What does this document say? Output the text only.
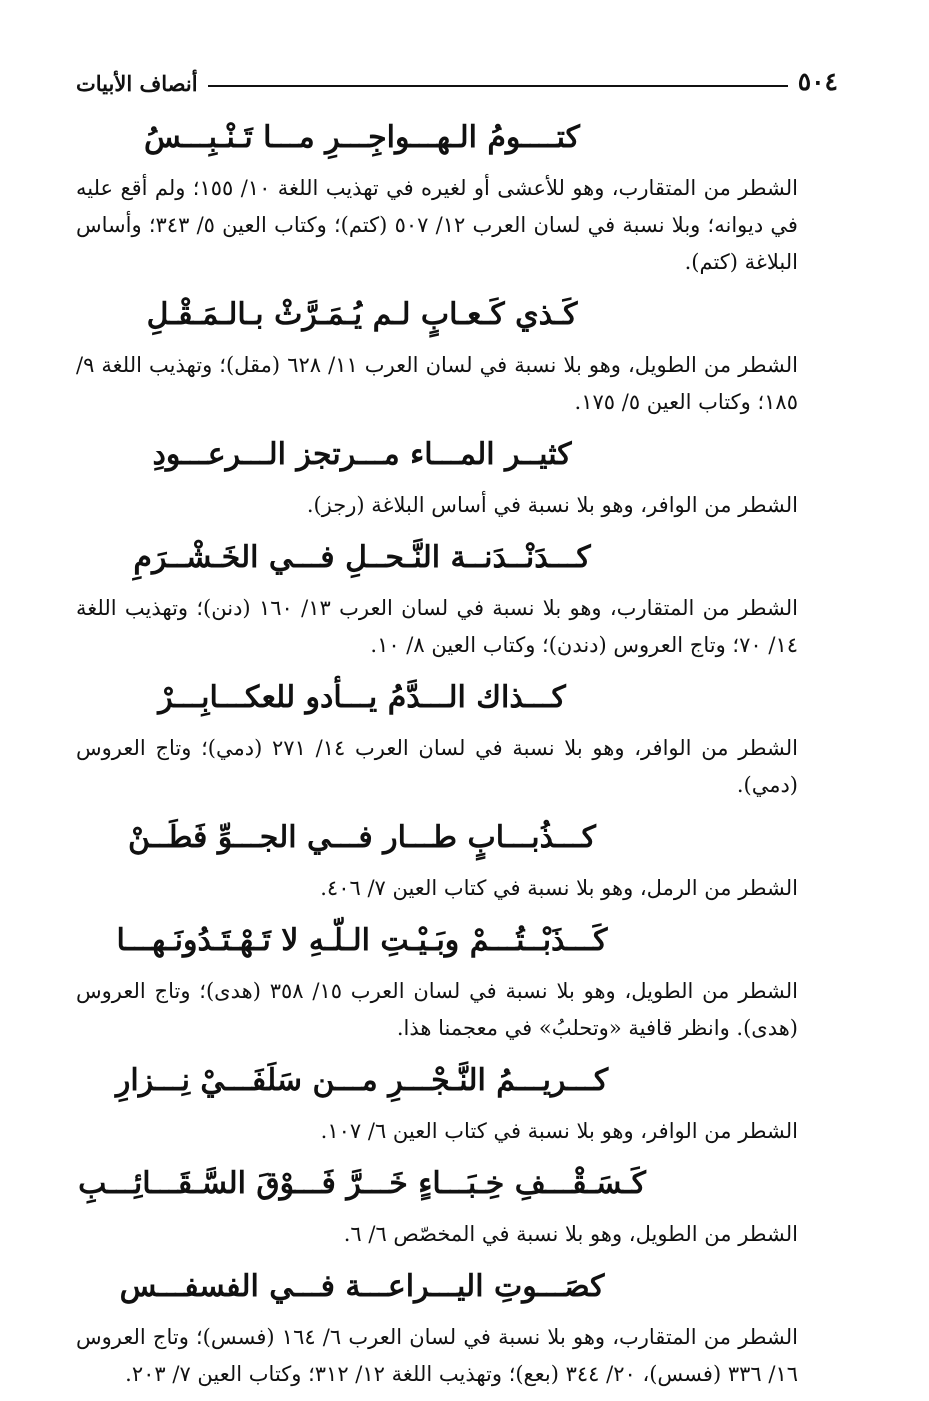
٥٠٤
أنصاف الأبيات
كتــــومُ الـهـــواجِـــرِ مـــا تَـنْـبِـــسُ

الشطر من المتقارب، وهو للأعشى أو لغيره في تهذيب اللغة ١٠/ ١٥٥؛ ولم أقع عليه في ديوانه؛ وبلا نسبة في لسان العرب ١٢/ ٥٠٧ (كتم)؛ وكتاب العين ٥/ ٣٤٣؛ وأساس البلاغة (كتم).

كَـذي كَـعـابٍ لـم يُـمَـرَّثْ بـالـمَـقْـلِ

الشطر من الطويل، وهو بلا نسبة في لسان العرب ١١/ ٦٢٨ (مقل)؛ وتهذيب اللغة ٩/ ١٨٥؛ وكتاب العين ٥/ ١٧٥.

كثيــر المـــاء مـــرتجز الـــرعـــودِ

الشطر من الوافر، وهو بلا نسبة في أساس البلاغة (رجز).

كـــدَنْــدَنــة النَّـحــلِ فـــي الخَـشْــرَمِ

الشطر من المتقارب، وهو بلا نسبة في لسان العرب ١٣/ ١٦٠ (دنن)؛ وتهذيب اللغة ١٤/ ٧٠؛ وتاج العروس (دندن)؛ وكتاب العين ٨/ ١٠.

كـــذاك الـــدَّمُ يـــأدو للعكـــابِـــرْ

الشطر من الوافر، وهو بلا نسبة في لسان العرب ١٤/ ٢٧١ (دمي)؛ وتاج العروس (دمي).

كـــذُبـــابٍ طـــار فـــي الجـــوِّ فَطَــنْ

الشطر من الرمل، وهو بلا نسبة في كتاب العين ٧/ ٤٠٦.

كَـــذَبْــتُـــمْ وبَـيْـتِ الـلّـهِ لا تَـهْـتَـدُونَـهـــا

الشطر من الطويل، وهو بلا نسبة في لسان العرب ١٥/ ٣٥٨ (هدى)؛ وتاج العروس (هدى). وانظر قافية «وتحلبُ» في معجمنا هذا.

كـــريـــمُ النَّـجْـــرِ مـــن سَلَفَـــيْ نِـــزارِ

الشطر من الوافر، وهو بلا نسبة في كتاب العين ٦/ ١٠٧.

كَـسَـقْـــفِ خِـبَـــاءٍ خَـــرَّ فَـــوْقَ السَّـقَـــائِـــبِ

الشطر من الطويل، وهو بلا نسبة في المخصّص ٦/ ٦.

كصَـــوتِ اليـــراعـــة فـــي الفسفـــس

الشطر من المتقارب، وهو بلا نسبة في لسان العرب ٦/ ١٦٤ (فسس)؛ وتاج العروس ١٦/ ٣٣٦ (فسس)، ٢٠/ ٣٤٤ (بعع)؛ وتهذيب اللغة ١٢/ ٣١٢؛ وكتاب العين ٧/ ٢٠٣.
